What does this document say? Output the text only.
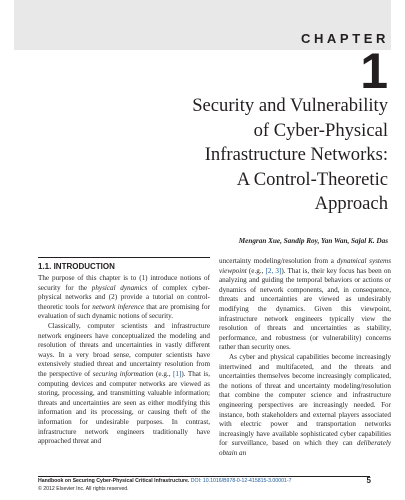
CHAPTER
1
Security and Vulnerability
of Cyber-Physical
Infrastructure Networks:
A Control-Theoretic
Approach
Mengran Xue, Sandip Roy, Yan Wan, Sajal K. Das
1.1. INTRODUCTION

The purpose of this chapter is to (1) introduce notions of security for the physical dynamics of complex cyber-physical networks and (2) provide a tutorial on control-theoretic tools for network inference that are promising for evaluation of such dynamic notions of security.

Classically, computer scientists and infrastructure network engineers have conceptualized the modeling and resolution of threats and uncertainties in vastly different ways. In a very broad sense, computer scientists have extensively studied threat and uncertainty resolution from the perspective of securing information (e.g., [1]). That is, computing devices and computer networks are viewed as storing, processing, and transmitting valuable information; threats and uncertainties are seen as either modifying this information and its processing, or causing theft of the information for undesirable purposes. In contrast, infrastructure network engineers traditionally have approached threat and

uncertainty modeling/resolution from a dynamical systems viewpoint (e.g., [2, 3]). That is, their key focus has been on analyzing and guiding the temporal behaviors or actions or dynamics of network components, and, in consequence, threats and uncertainties are viewed as undesirably modifying the dynamics. Given this viewpoint, infrastructure network engineers typically view the resolution of threats and uncertainties as stability, performance, and robustness (or vulnerability) concerns rather than security ones.

As cyber and physical capabilities become increasingly intertwined and multifaceted, and the threats and uncertainties themselves become increasingly complicated, the notions of threat and uncertainty modeling/resolution that combine the computer science and infrastructure engineering perspectives are increasingly needed. For instance, both stakeholders and external players associated with electric power and transportation networks increasingly have available sophisticated cyber capabilities for surveillance, based on which they can deliberately obtain an

Handbook on Securing Cyber-Physical Critical Infrastructure. DOI: 10.1016/B978-0-12-415815-3.00001-7
© 2012 Elsevier Inc. All rights reserved.
5
